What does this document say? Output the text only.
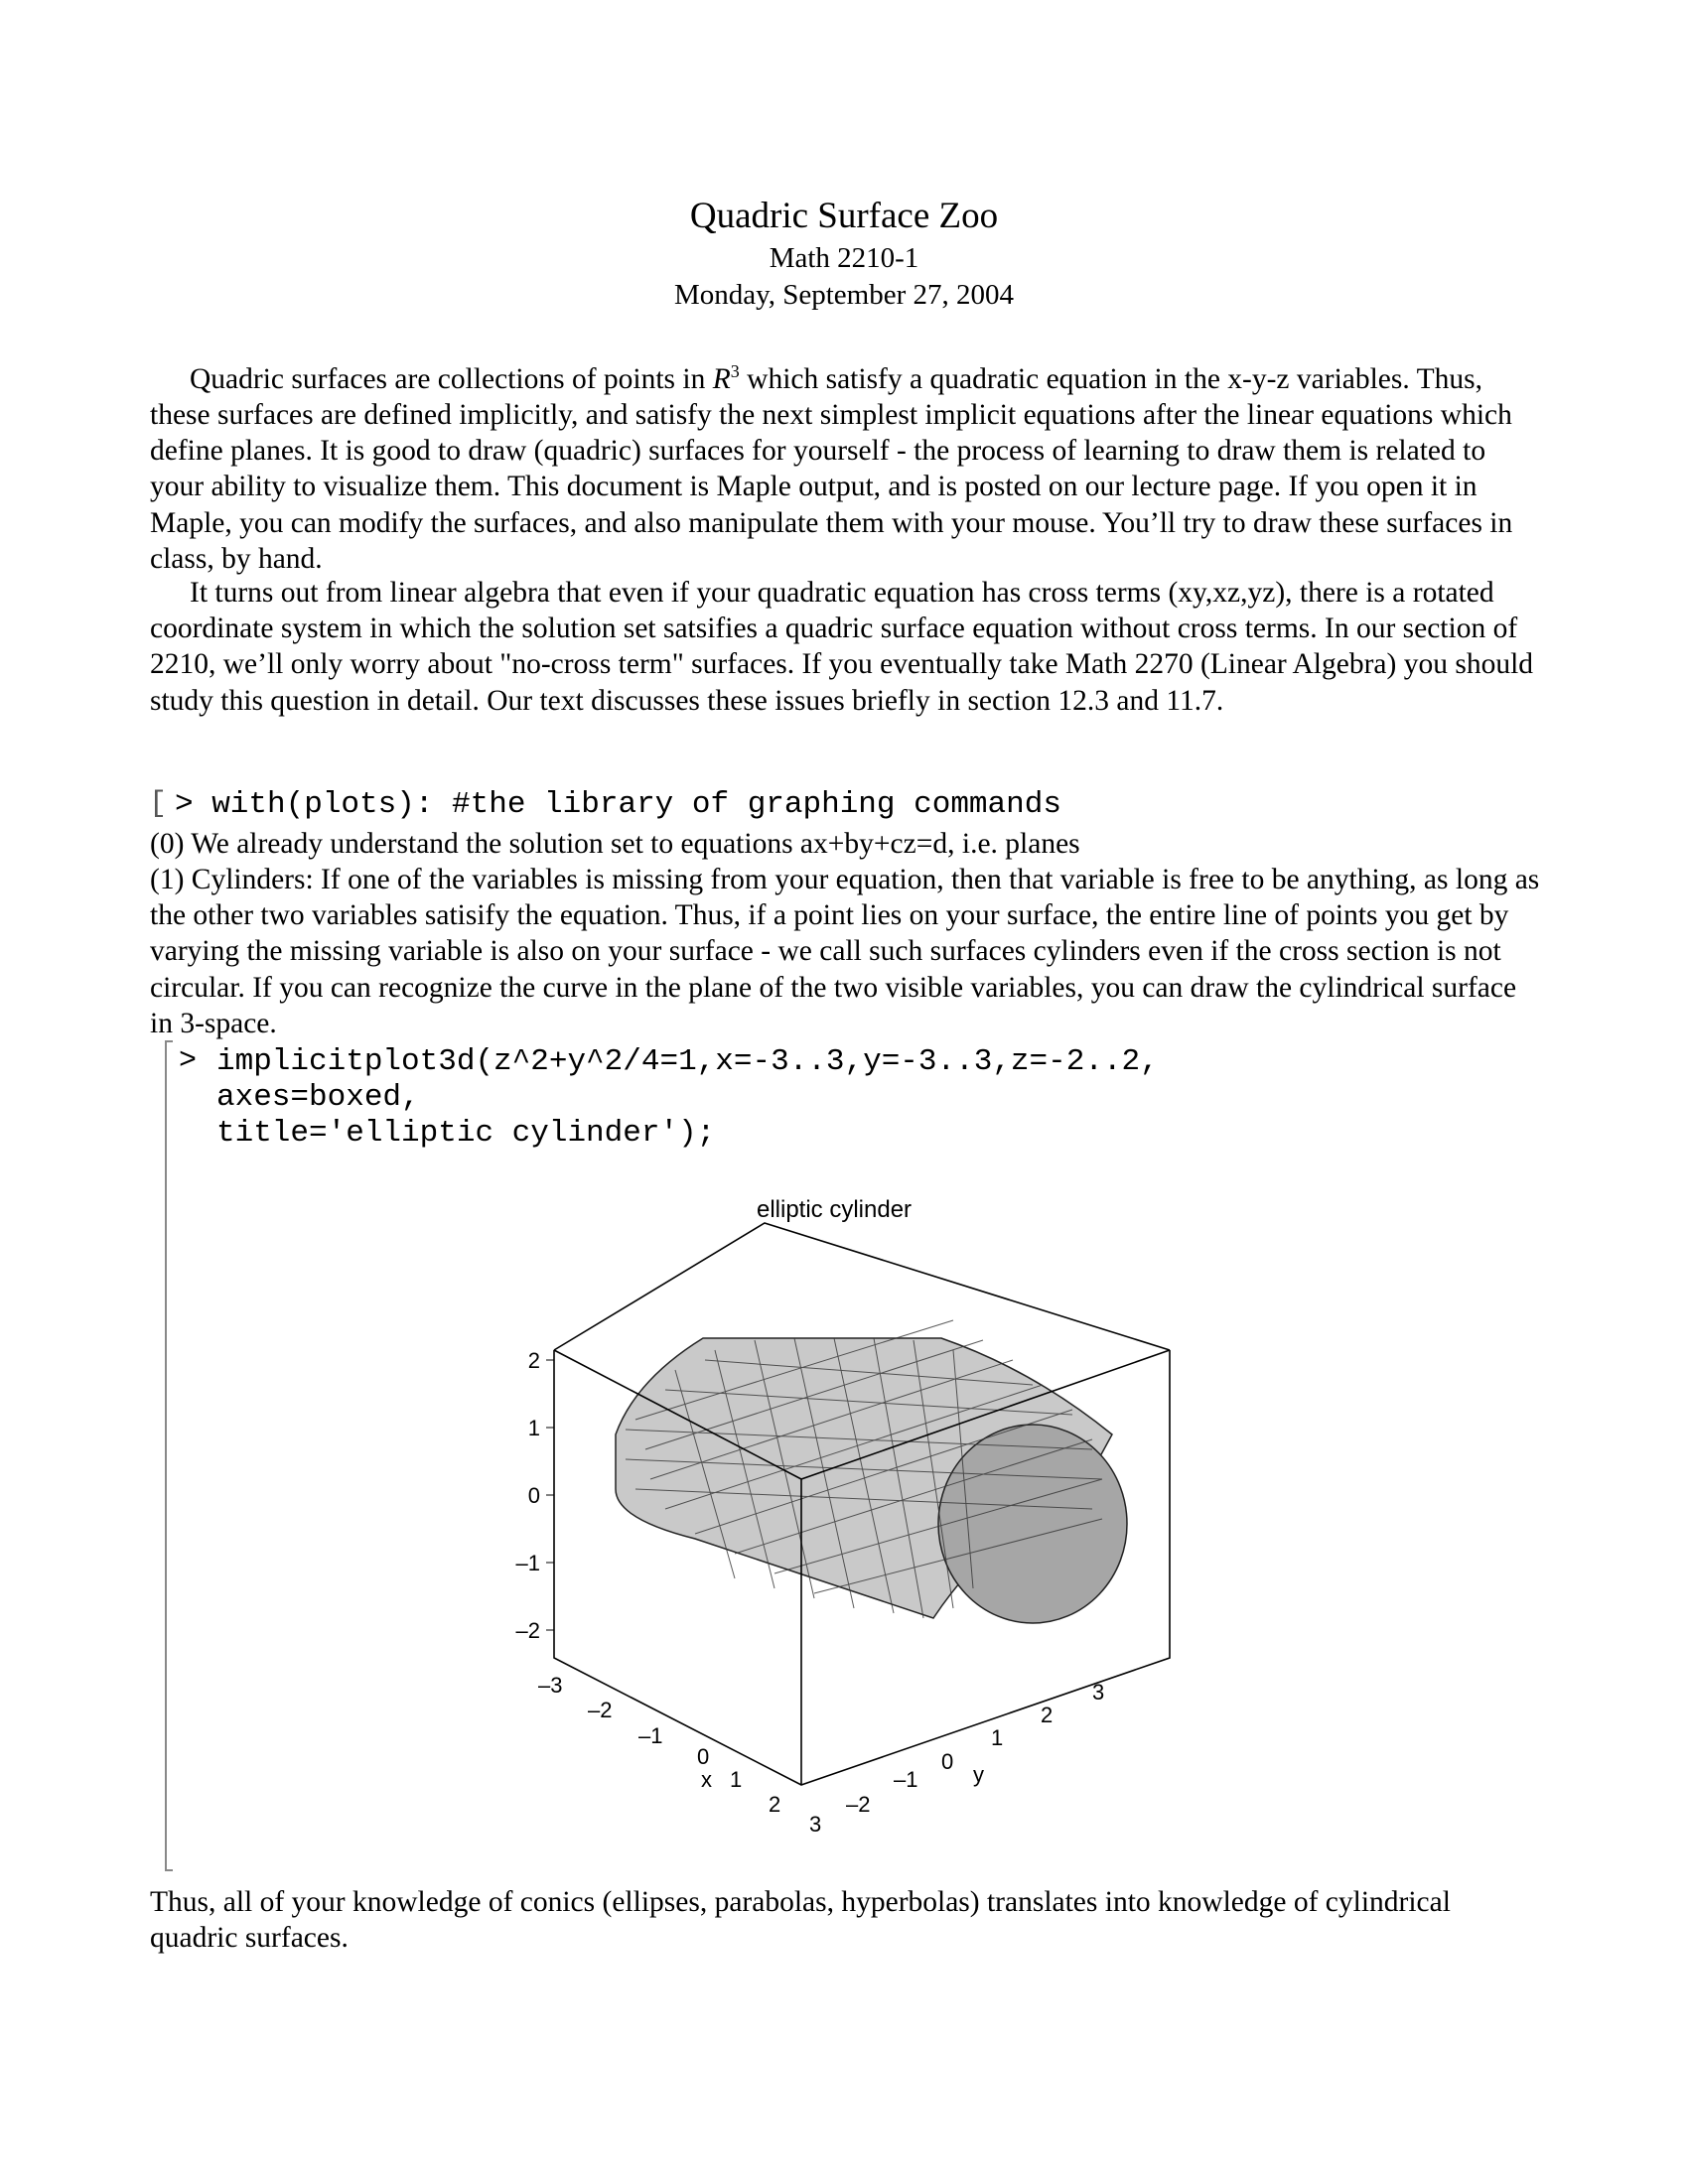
Quadric Surface Zoo
Math 2210-1
Monday, September 27, 2004

Quadric surfaces are collections of points in $R^3$ which satisfy a quadratic equation in the x-y-z variables. Thus, these surfaces are defined implicitly, and satisfy the next simplest implicit equations after the linear equations which define planes. It is good to draw (quadric) surfaces for yourself - the process of learning to draw them is related to your ability to visualize them. This document is Maple output, and is posted on our lecture page. If you open it in Maple, you can modify the surfaces, and also manipulate them with your mouse. You’ll try to draw these surfaces in class, by hand.

It turns out from linear algebra that even if your quadratic equation has cross terms (xy,xz,yz), there is a rotated coordinate system in which the solution set satsifies a quadric surface equation without cross terms. In our section of 2210, we’ll only worry about "no-cross term" surfaces. If you eventually take Math 2270 (Linear Algebra) you should study this question in detail. Our text discusses these issues briefly in section 12.3 and 11.7.

[ > with(plots): #the library of graphing commands

(0) We already understand the solution set to equations ax+by+cz=d, i.e. planes

(1) Cylinders: If one of the variables is missing from your equation, then that variable is free to be anything, as long as the other two variables satisify the equation. Thus, if a point lies on your surface, the entire line of points you get by varying the missing variable is also on your surface - we call such surfaces cylinders even if the cross section is not circular. If you can recognize the curve in the plane of the two visible variables, you can draw the cylindrical surface in 3-space.

> implicitplot3d(z^2+y^2/4=1,x=-3..3,y=-3..3,z=-2..2,
axes=boxed,
title='elliptic cylinder');
2
1
0
–1
–2
–3
–2
–1
0
1
2
3
x
–2
–1
0
1
2
3
y
elliptic cylinder

Thus, all of your knowledge of conics (ellipses, parabolas, hyperbolas) translates into knowledge of cylindrical quadric surfaces.
